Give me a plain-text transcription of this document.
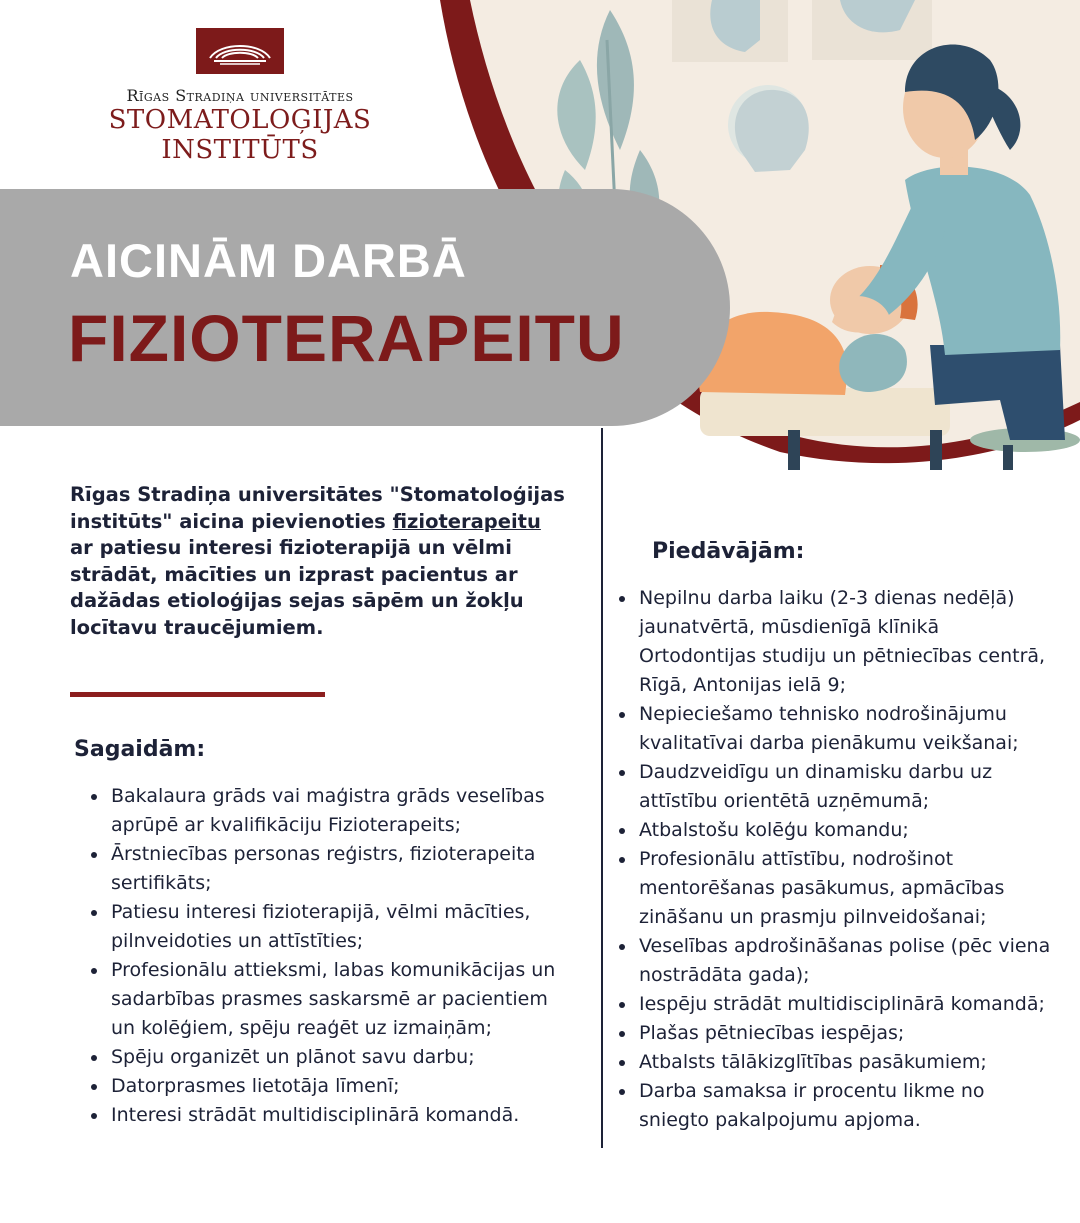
Rīgas Stradiņa universitātes
STOMATOLOĢIJAS
INSTITŪTS
AICINĀM DARBĀ
FIZIOTERAPEITU
Rīgas Stradiņa universitātes "Stomatoloģijas institūts" aicina pievienoties fizioterapeitu ar patiesu interesi fizioterapijā un vēlmi strādāt, mācīties un izprast pacientus ar dažādas etioloģijas sejas sāpēm un žokļu locītavu traucējumiem.
Sagaidām:
Bakalaura grāds vai maģistra grāds veselības aprūpē ar kvalifikāciju Fizioterapeits;
Ārstniecības personas reģistrs, fizioterapeita sertifikāts;
Patiesu interesi fizioterapijā, vēlmi mācīties, pilnveidoties un attīstīties;
Profesionālu attieksmi, labas komunikācijas un sadarbības prasmes saskarsmē ar pacientiem un kolēģiem, spēju reaģēt uz izmaiņām;
Spēju organizēt un plānot savu darbu;
Datorprasmes lietotāja līmenī;
Interesi strādāt multidisciplinārā komandā.
Piedāvājām:
Nepilnu darba laiku (2-3 dienas nedēļā) jaunatvērtā, mūsdienīgā klīnikā Ortodontijas studiju un pētniecības centrā, Rīgā, Antonijas ielā 9;
Nepieciešamo tehnisko nodrošinājumu kvalitatīvai darba pienākumu veikšanai;
Daudzveidīgu un dinamisku darbu uz attīstību orientētā uzņēmumā;
Atbalstošu kolēģu komandu;
Profesionālu attīstību, nodrošinot mentorēšanas pasākumus, apmācības zināšanu un prasmju pilnveidošanai;
Veselības apdrošināšanas polise (pēc viena nostrādāta gada);
Iespēju strādāt multidisciplinārā komandā;
Plašas pētniecības iespējas;
Atbalsts tālākizglītības pasākumiem;
Darba samaksa ir procentu likme no sniegto pakalpojumu apjoma.
